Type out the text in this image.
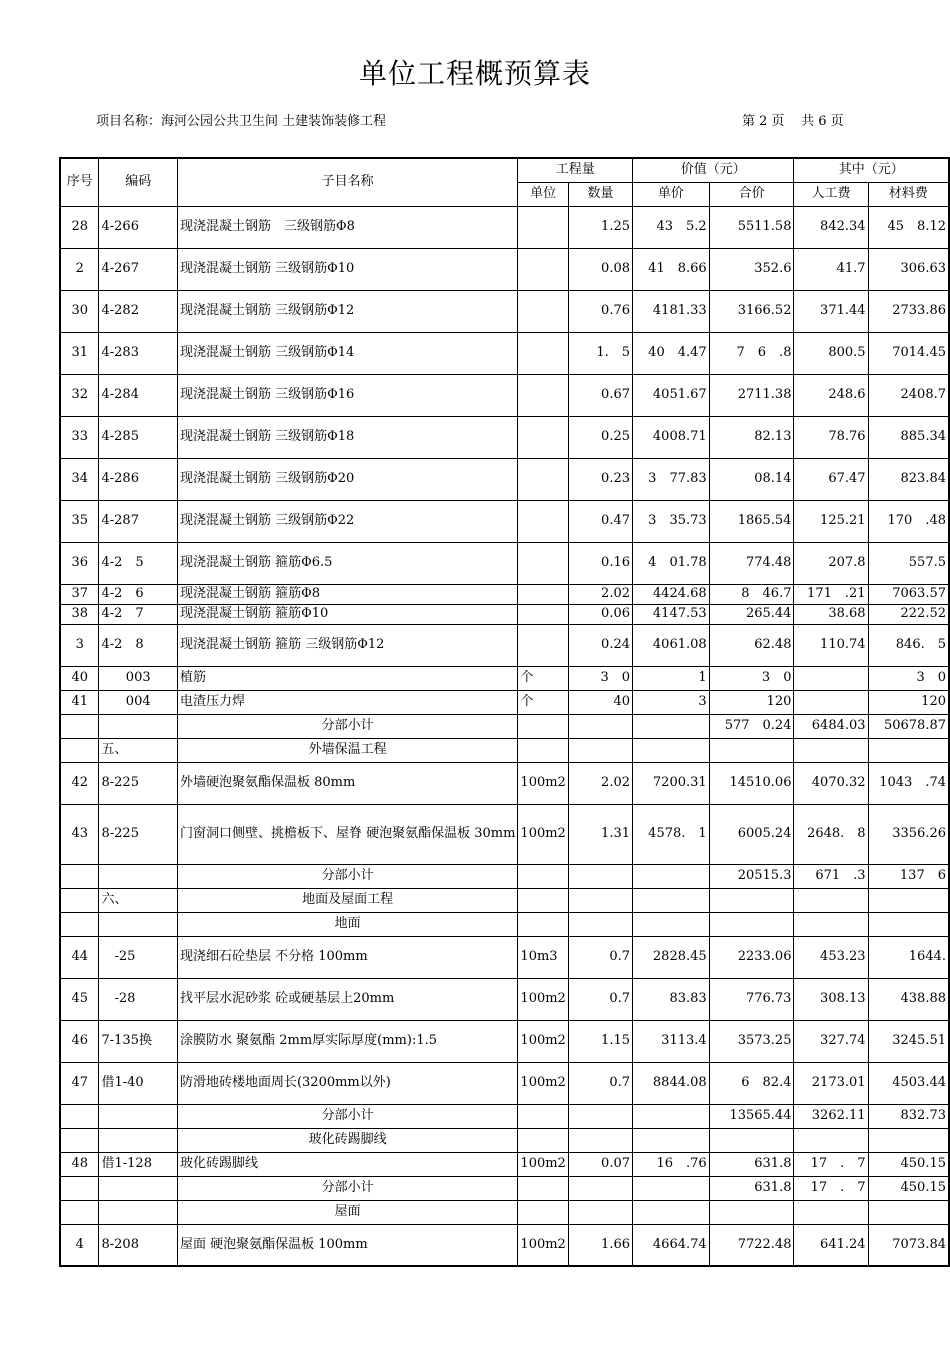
单位工程概预算表
项目名称：海河公园公共卫生间 土建装饰装修工程	第 2 页    共 6 页
序号	编码	子目名称	工程量		价值（元）		其中（元）	
			单位	数量	单价	合价	人工费	材料费
28	4-266	现浇混凝土钢筋　三级钢筋Φ8		1.25	43　5.2	5511.58	842.34	45　8.12
2	4-267	现浇混凝土钢筋 三级钢筋Φ10		0.08	41　8.66	352.6	41.7	306.63
30	4-282	现浇混凝土钢筋 三级钢筋Φ12		0.76	4181.33	3166.52	371.44	2733.86
31	4-283	现浇混凝土钢筋 三级钢筋Φ14		1.　5	40　4.47	7　6　.8	800.5	7014.45
32	4-284	现浇混凝土钢筋 三级钢筋Φ16		0.67	4051.67	2711.38	248.6	2408.7
33	4-285	现浇混凝土钢筋 三级钢筋Φ18		0.25	4008.71	82.13	78.76	885.34
34	4-286	现浇混凝土钢筋 三级钢筋Φ20		0.23	3　77.83	08.14	67.47	823.84
35	4-287	现浇混凝土钢筋 三级钢筋Φ22		0.47	3　35.73	1865.54	125.21	170　.48
36	4-2　5	现浇混凝土钢筋 箍筋Φ6.5		0.16	4　01.78	774.48	207.8	557.5
37	4-2　6	现浇混凝土钢筋 箍筋Φ8		2.02	4424.68	8　46.7	171　.21	7063.57
38	4-2　7	现浇混凝土钢筋 箍筋Φ10		0.06	4147.53	265.44	38.68	222.52
3	4-2　8	现浇混凝土钢筋 箍筋 三级钢筋Φ12		0.24	4061.08	62.48	110.74	846.　5
40	003	植筋	个	3　0	1	3　0		3　0
41	004	电渣压力焊	个	40	3	120		120
		分部小计				577　0.24	6484.03	50678.87
	五、	外墙保温工程						
42	8-225	外墙硬泡聚氨酯保温板 80mm	100m2	2.02	7200.31	14510.06	4070.32	1043　.74
43	8-225	门窗洞口侧壁、挑檐板下、屋脊 硬泡聚氨酯保温板 30mm	100m2	1.31	4578.　1	6005.24	2648.　8	3356.26
		分部小计				20515.3	671　.3	137　6
	六、	地面及屋面工程						
		地面						
44	　-25	现浇细石砼垫层 不分格 100mm	10m3	0.7	2828.45	2233.06	453.23	1644.
45	　-28	找平层水泥砂浆 砼或硬基层上20mm	100m2	0.7	83.83	776.73	308.13	438.88
46	7-135换	涂膜防水 聚氨酯 2mm厚实际厚度(mm):1.5	100m2	1.15	3113.4	3573.25	327.74	3245.51
47	借1-40	防滑地砖楼地面周长(3200mm以外)	100m2	0.7	8844.08	6　82.4	2173.01	4503.44
		分部小计				13565.44	3262.11	832.73
		玻化砖踢脚线						
48	借1-128	玻化砖踢脚线	100m2	0.07	16　.76	631.8	17　.　7	450.15
		分部小计				631.8	17　.　7	450.15
		屋面						
4	8-208	屋面 硬泡聚氨酯保温板 100mm	100m2	1.66	4664.74	7722.48	641.24	7073.84
